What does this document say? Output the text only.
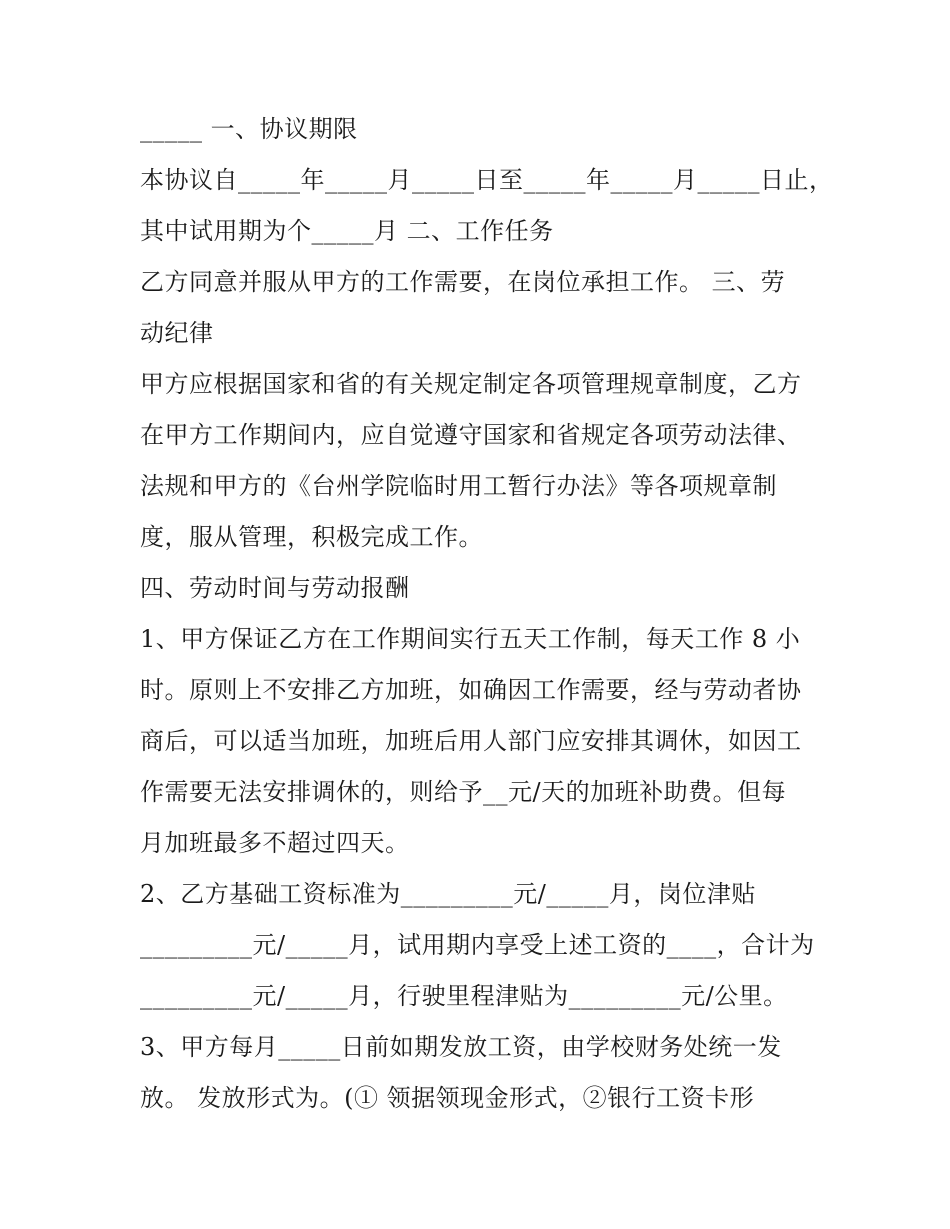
_____ 一、协议期限
本协议自_____年_____月_____日至_____年_____月_____日止，
其中试用期为个_____月 二、工作任务
乙方同意并服从甲方的工作需要，在岗位承担工作。 三、劳
动纪律
甲方应根据国家和省的有关规定制定各项管理规章制度，乙方
在甲方工作期间内，应自觉遵守国家和省规定各项劳动法律、
法规和甲方的《台州学院临时用工暂行办法》等各项规章制
度，服从管理，积极完成工作。
四、劳动时间与劳动报酬
1、甲方保证乙方在工作期间实行五天工作制，每天工作 8 小
时。原则上不安排乙方加班，如确因工作需要，经与劳动者协
商后，可以适当加班，加班后用人部门应安排其调休，如因工
作需要无法安排调休的，则给予__元/天的加班补助费。但每
月加班最多不超过四天。
2、乙方基础工资标准为_________元/_____月，岗位津贴
_________元/_____月，试用期内享受上述工资的____，合计为
_________元/_____月，行驶里程津贴为_________元/公里。
3、甲方每月_____日前如期发放工资，由学校财务处统一发
放。 发放形式为。(① 领据领现金形式，②银行工资卡形
